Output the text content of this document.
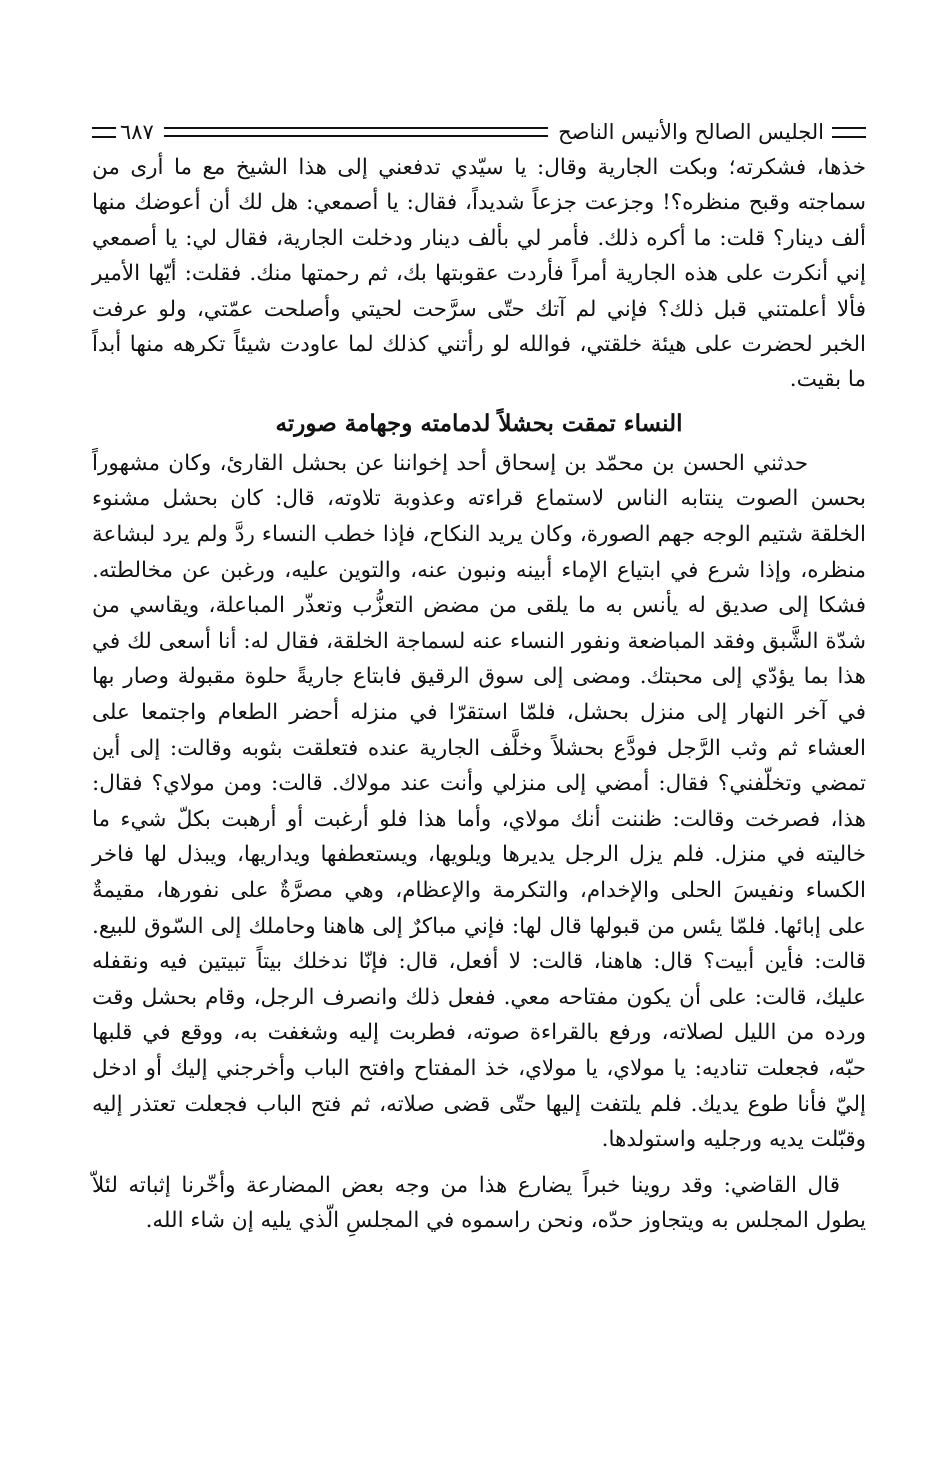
الجليس الصالح والأنيس الناصح
٦٨٧

خذها، فشكرته؛ وبكت الجارية وقال: يا سيّدي تدفعني إلى هذا الشيخ مع ما أرى من سماجته وقبح منظره؟! وجزعت جزعاً شديداً، فقال: يا أصمعي: هل لك أن أعوضك منها ألف دينار؟ قلت: ما أكره ذلك. فأمر لي بألف دينار ودخلت الجارية، فقال لي: يا أصمعي إني أنكرت على هذه الجارية أمراً فأردت عقوبتها بك، ثم رحمتها منك. فقلت: أيّها الأمير فألا أعلمتني قبل ذلك؟ فإني لم آتك حتّى سرَّحت لحيتي وأصلحت عمّتي، ولو عرفت الخبر لحضرت على هيئة خلقتي، فوالله لو رأتني كذلك لما عاودت شيئاً تكرهه منها أبداً ما بقيت.

النساء تمقت بحشلاً لدمامته وجهامة صورته

حدثني الحسن بن محمّد بن إسحاق أحد إخواننا عن بحشل القارئ، وكان مشهوراً بحسن الصوت ينتابه الناس لاستماع قراءته وعذوبة تلاوته، قال: كان بحشل مشنوء الخلقة شتيم الوجه جهم الصورة، وكان يريد النكاح، فإذا خطب النساء ردَّ ولم يرد لبشاعة منظره، وإذا شرع في ابتياع الإماء أبينه ونبون عنه، والتوين عليه، ورغبن عن مخالطته. فشكا إلى صديق له يأنس به ما يلقى من مضض التعزُّب وتعذّر المباعلة، ويقاسي من شدّة الشَّبق وفقد المباضعة ونفور النساء عنه لسماجة الخلقة، فقال له: أنا أسعى لك في هذا بما يؤدّي إلى محبتك. ومضى إلى سوق الرقيق فابتاع جاريةً حلوة مقبولة وصار بها في آخر النهار إلى منزل بحشل، فلمّا استقرّا في منزله أحضر الطعام واجتمعا على العشاء ثم وثب الرَّجل فودَّع بحشلاً وخلَّف الجارية عنده فتعلقت بثوبه وقالت: إلى أين تمضي وتخلّفني؟ فقال: أمضي إلى منزلي وأنت عند مولاك. قالت: ومن مولاي؟ فقال: هذا، فصرخت وقالت: ظننت أنك مولاي، وأما هذا فلو أرغبت أو أرهبت بكلّ شيء ما خاليته في منزل. فلم يزل الرجل يديرها ويلويها، ويستعطفها ويداريها، ويبذل لها فاخر الكساء ونفيسَ الحلى والإخدام، والتكرمة والإعظام، وهي مصرَّةٌ على نفورها، مقيمةٌ على إبائها. فلمّا يئس من قبولها قال لها: فإني مباكرٌ إلى هاهنا وحاملك إلى السّوق للبيع. قالت: فأين أبيت؟ قال: هاهنا، قالت: لا أفعل، قال: فإنّا ندخلك بيتاً تبيتين فيه ونقفله عليك، قالت: على أن يكون مفتاحه معي. ففعل ذلك وانصرف الرجل، وقام بحشل وقت ورده من الليل لصلاته، ورفع بالقراءة صوته، فطربت إليه وشغفت به، ووقع في قلبها حبّه، فجعلت تناديه: يا مولاي، يا مولاي، خذ المفتاح وافتح الباب وأخرجني إليك أو ادخل إليّ فأنا طوع يديك. فلم يلتفت إليها حتّى قضى صلاته، ثم فتح الباب فجعلت تعتذر إليه وقبّلت يديه ورجليه واستولدها.

قال القاضي: وقد روينا خبراً يضارع هذا من وجه بعض المضارعة وأخّرنا إثباته لئلاّ يطول المجلس به ويتجاوز حدّه، ونحن راسموه في المجلسِ الّذي يليه إن شاء الله.
